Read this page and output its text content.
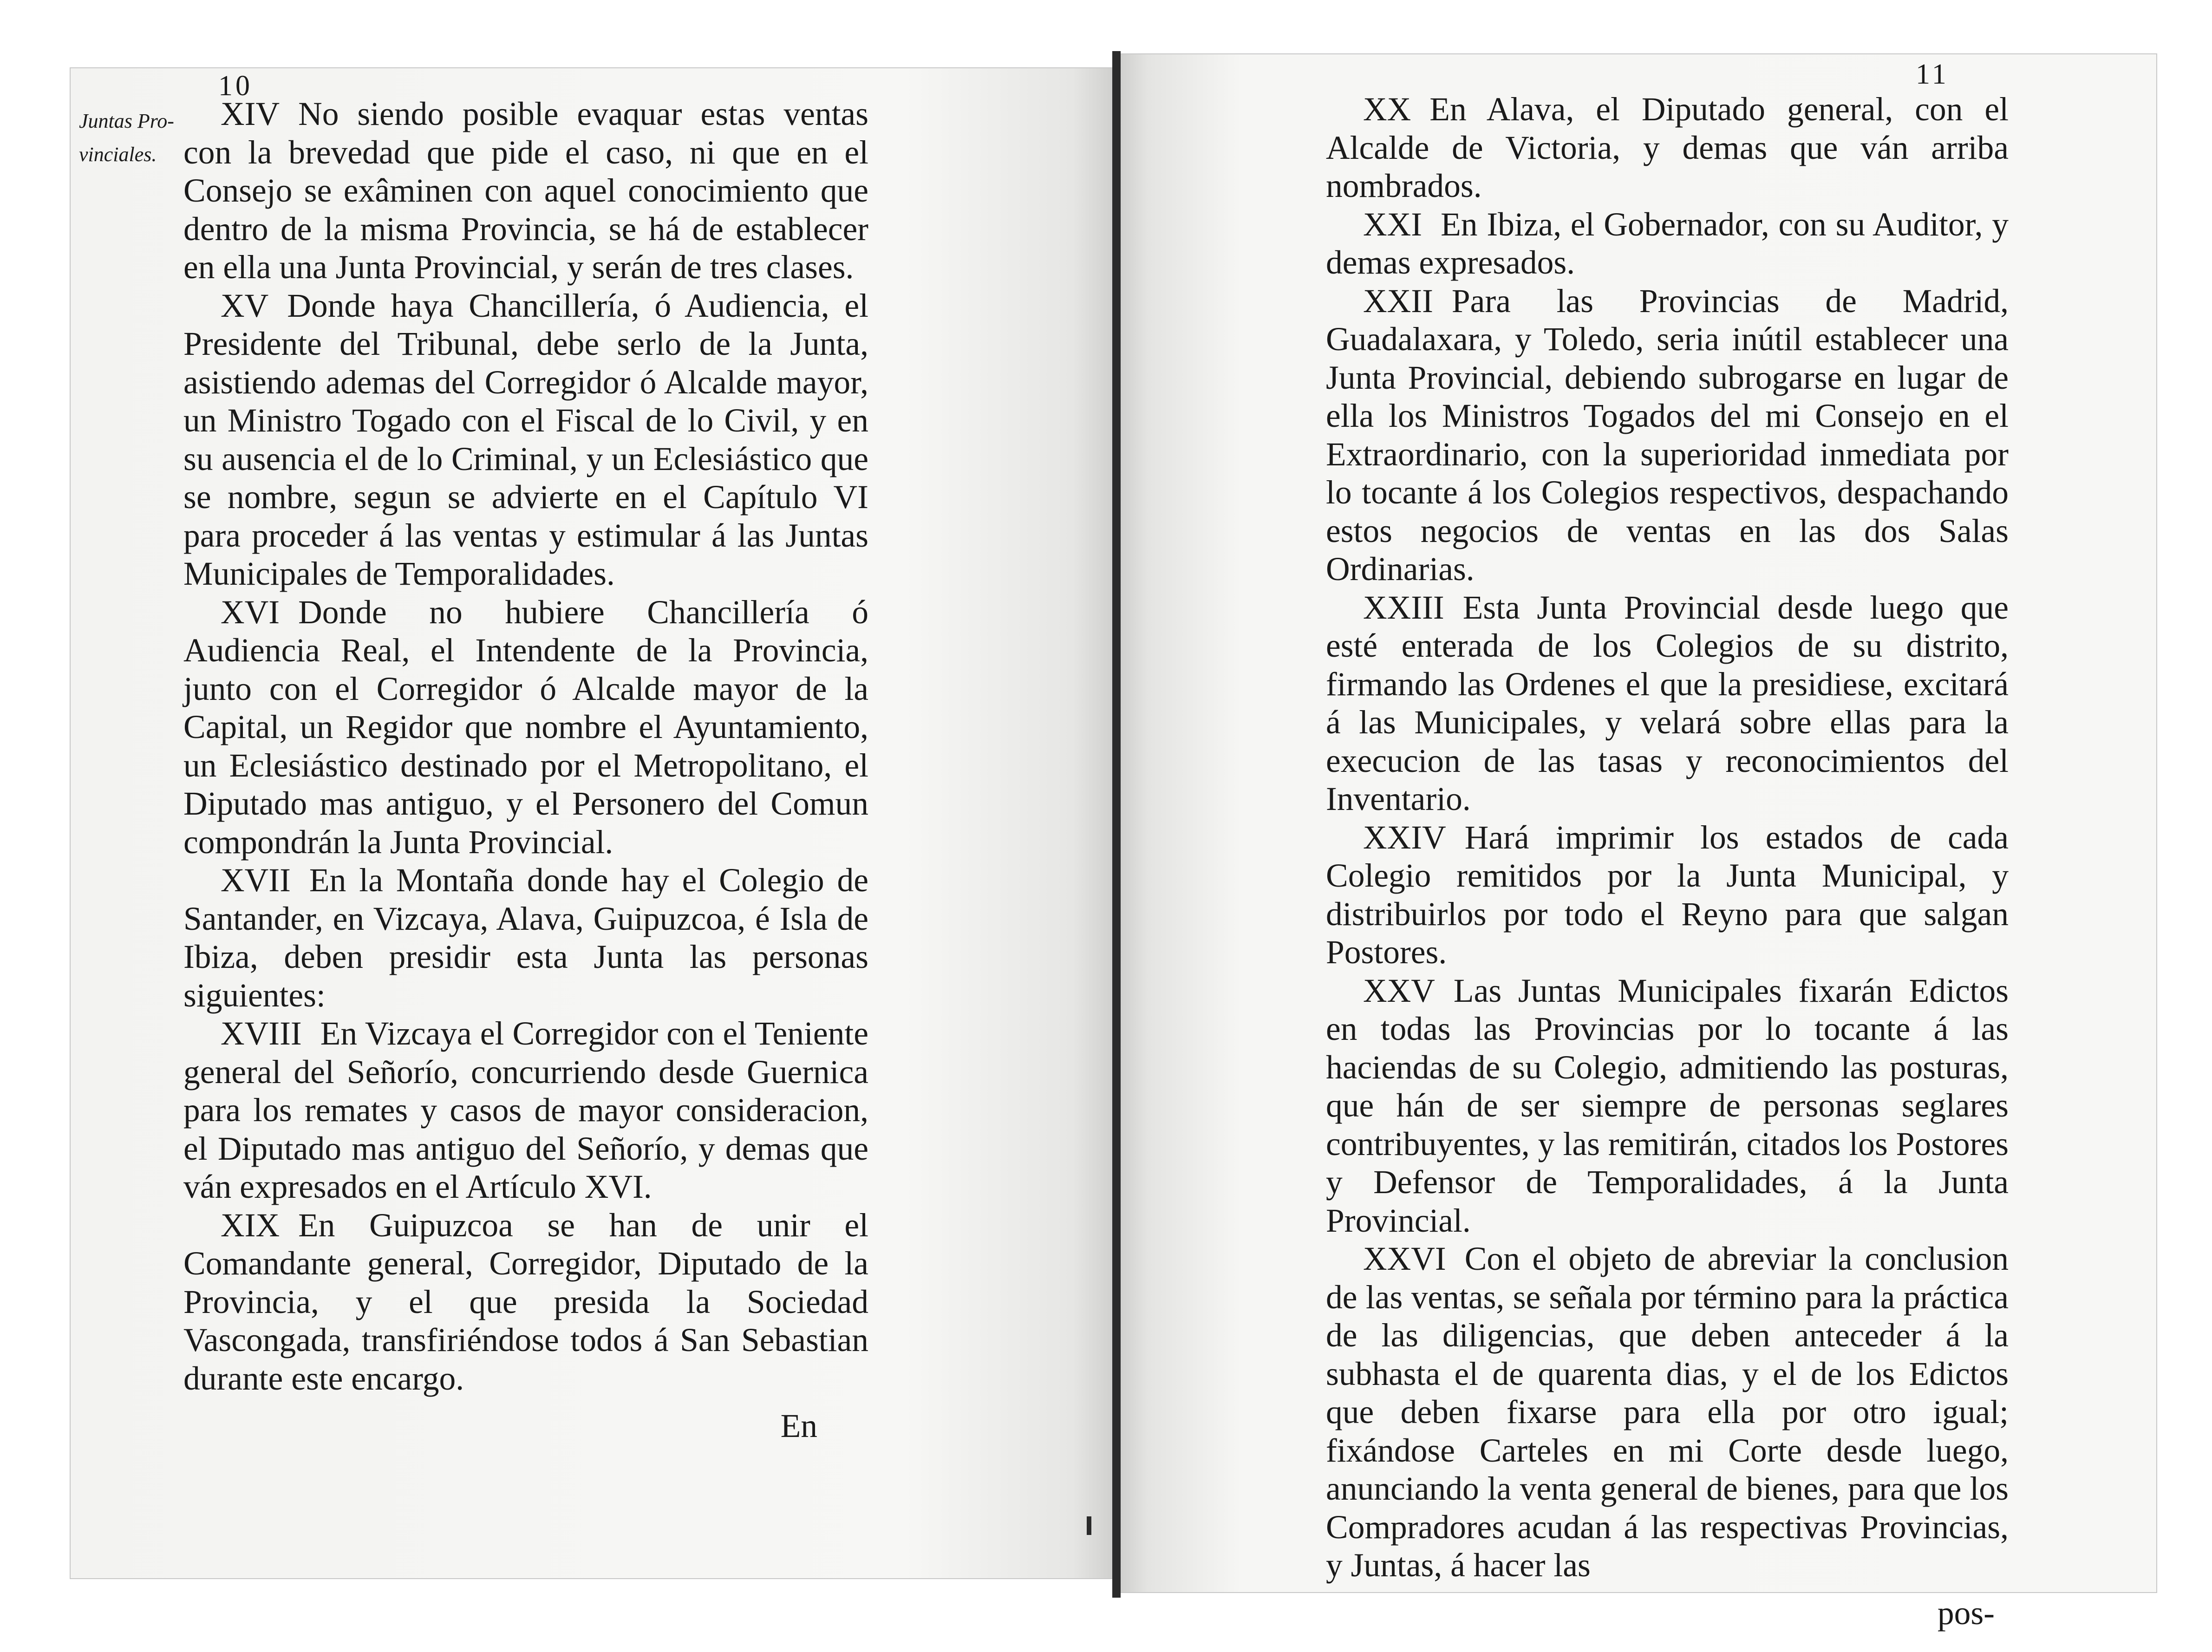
10	11
Juntas Pro-
vinciales.

XIV No siendo posible evaquar estas ventas con la brevedad que pide el caso, ni que en el Consejo se exâminen con aquel conocimiento que dentro de la misma Provincia, se há de establecer en ella una Junta Provincial, y serán de tres clases.

XV Donde haya Chancillería, ó Audiencia, el Presidente del Tribunal, debe serlo de la Junta, asistiendo ademas del Corregidor ó Alcalde mayor, un Ministro Togado con el Fiscal de lo Civil, y en su ausencia el de lo Criminal, y un Eclesiástico que se nombre, segun se advierte en el Capítulo VI para proceder á las ventas y estimular á las Juntas Municipales de Temporalidades.

XVI Donde no hubiere Chancillería ó Audiencia Real, el Intendente de la Provincia, junto con el Corregidor ó Alcalde mayor de la Capital, un Regidor que nombre el Ayuntamiento, un Eclesiástico destinado por el Metropolitano, el Diputado mas antiguo, y el Personero del Comun compondrán la Junta Provincial.

XVII En la Montaña donde hay el Colegio de Santander, en Vizcaya, Alava, Guipuzcoa, é Isla de Ibiza, deben presidir esta Junta las personas siguientes:

XVIII En Vizcaya el Corregidor con el Teniente general del Señorío, concurriendo desde Guernica para los remates y casos de mayor consideracion, el Diputado mas antiguo del Señorío, y demas que ván expresados en el Artículo XVI.

XIX En Guipuzcoa se han de unir el Comandante general, Corregidor, Diputado de la Provincia, y el que presida la Sociedad Vascongada, transfiriéndose todos á San Sebastian durante este encargo.

En

XX En Alava, el Diputado general, con el Alcalde de Victoria, y demas que ván arriba nombrados.

XXI En Ibiza, el Gobernador, con su Auditor, y demas expresados.

XXII Para las Provincias de Madrid, Guadalaxara, y Toledo, seria inútil establecer una Junta Provincial, debiendo subrogarse en lugar de ella los Ministros Togados del mi Consejo en el Extraordinario, con la superioridad inmediata por lo tocante á los Colegios respectivos, despachando estos negocios de ventas en las dos Salas Ordinarias.

XXIII Esta Junta Provincial desde luego que esté enterada de los Colegios de su distrito, firmando las Ordenes el que la presidiese, excitará á las Municipales, y velará sobre ellas para la execucion de las tasas y reconocimientos del Inventario.

XXIV Hará imprimir los estados de cada Colegio remitidos por la Junta Municipal, y distribuirlos por todo el Reyno para que salgan Postores.

XXV Las Juntas Municipales fixarán Edictos en todas las Provincias por lo tocante á las haciendas de su Colegio, admitiendo las posturas, que hán de ser siempre de personas seglares contribuyentes, y las remitirán, citados los Postores y Defensor de Temporalidades, á la Junta Provincial.

XXVI Con el objeto de abreviar la conclusion de las ventas, se señala por término para la práctica de las diligencias, que deben anteceder á la subhasta el de quarenta dias, y el de los Edictos que deben fixarse para ella por otro igual; fixándose Carteles en mi Corte desde luego, anunciando la venta general de bienes, para que los Compradores acudan á las respectivas Provincias, y Juntas, á hacer las

pos-
